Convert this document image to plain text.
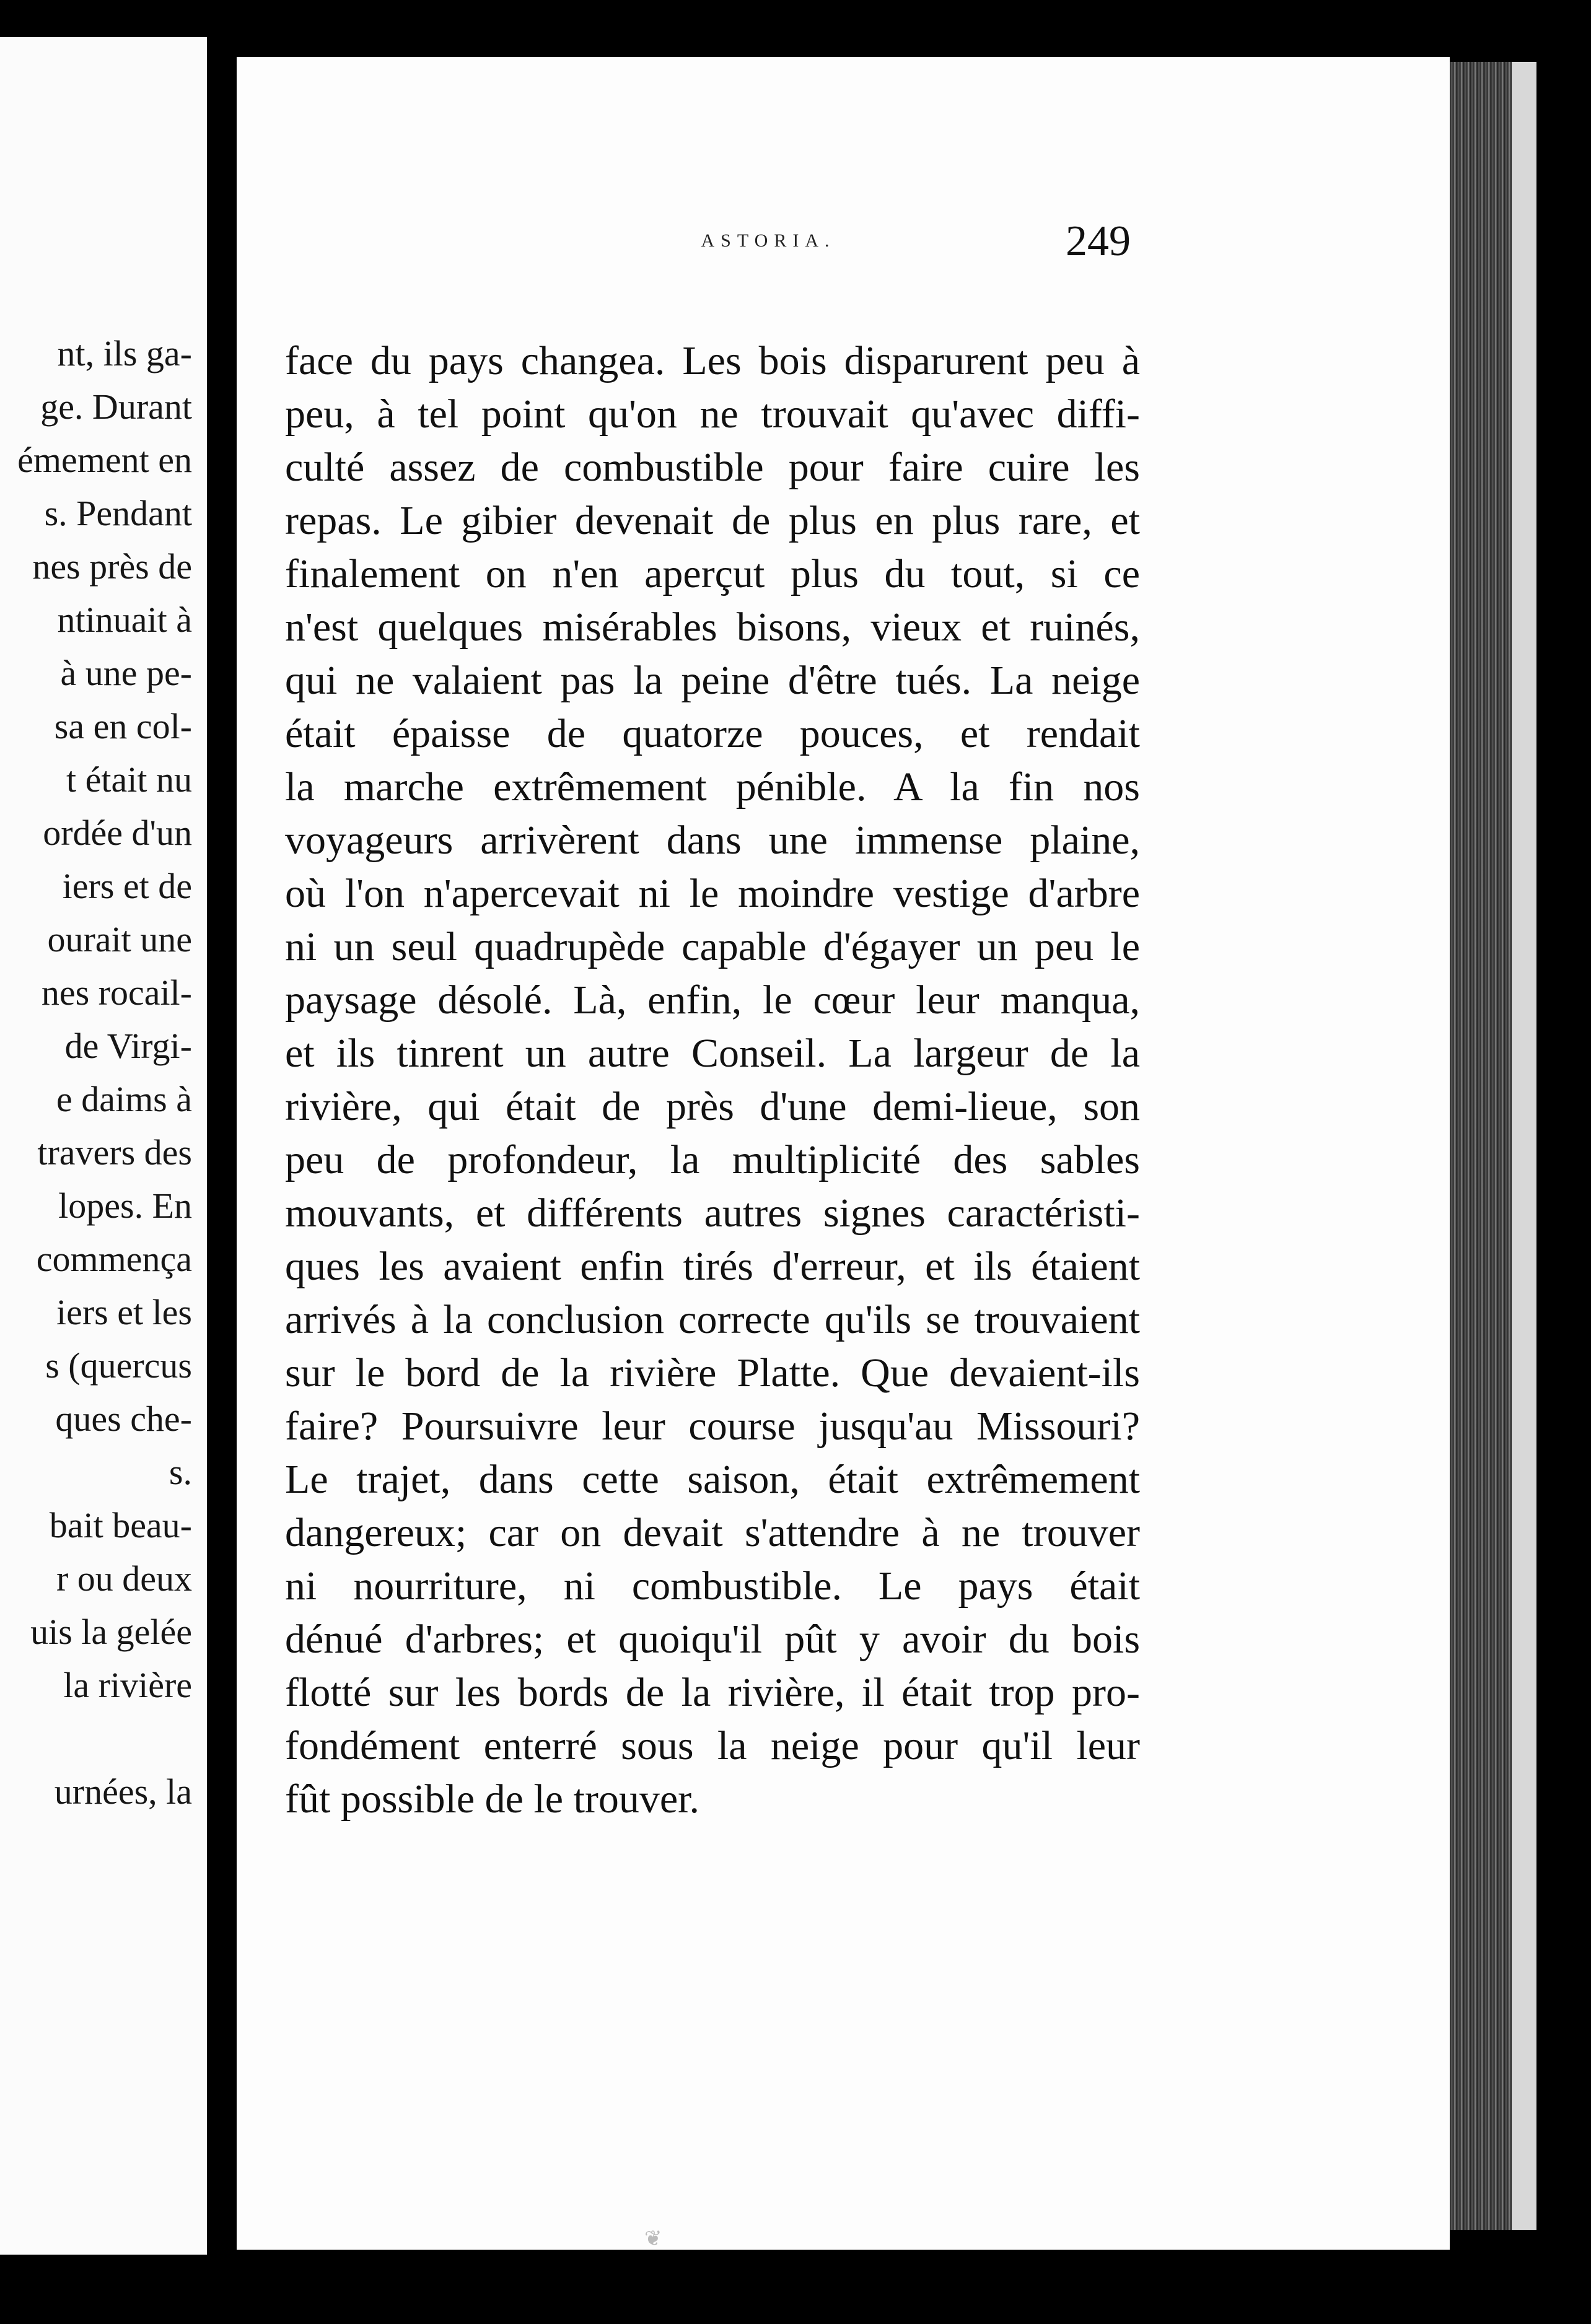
nt, ils ga-
ge. Durant
émement en
s. Pendant
nes près de
ntinuait à
à une pe-
sa en col-
t était nu
ordée d'un
iers et de
ourait une
nes rocail-
de Virgi-
e daims à
travers des
lopes. En
commença
iers et les
s (quercus
ques che-
s.
bait beau-
r ou deux
uis la gelée
la rivière
urnées, la

ASTORIA.	249
face du pays changea. Les bois disparurent peu à
peu, à tel point qu'on ne trouvait qu'avec diffi-
culté assez de combustible pour faire cuire les
repas. Le gibier devenait de plus en plus rare, et
finalement on n'en aperçut plus du tout, si ce
n'est quelques misérables bisons, vieux et ruinés,
qui ne valaient pas la peine d'être tués. La neige
était épaisse de quatorze pouces, et rendait
la marche extrêmement pénible. A la fin nos
voyageurs arrivèrent dans une immense plaine,
où l'on n'apercevait ni le moindre vestige d'arbre
ni un seul quadrupède capable d'égayer un peu le
paysage désolé. Là, enfin, le cœur leur manqua,
et ils tinrent un autre Conseil. La largeur de la
rivière, qui était de près d'une demi-lieue, son
peu de profondeur, la multiplicité des sables
mouvants, et différents autres signes caractéristi-
ques les avaient enfin tirés d'erreur, et ils étaient
arrivés à la conclusion correcte qu'ils se trouvaient
sur le bord de la rivière Platte. Que devaient-ils
faire? Poursuivre leur course jusqu'au Missouri?
Le trajet, dans cette saison, était extrêmement
dangereux; car on devait s'attendre à ne trouver
ni nourriture, ni combustible. Le pays était
dénué d'arbres; et quoiqu'il pût y avoir du bois
flotté sur les bords de la rivière, il était trop pro-
fondément enterré sous la neige pour qu'il leur
fût possible de le trouver.
❦
